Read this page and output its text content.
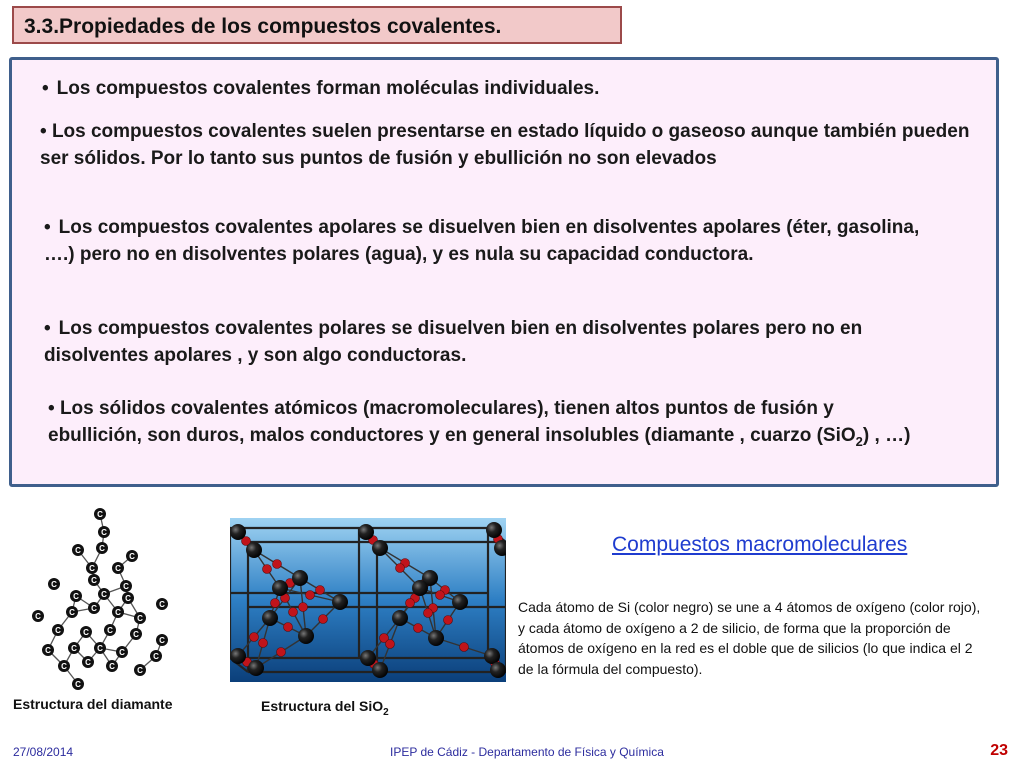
3.3.Propiedades de los compuestos covalentes.
• Los compuestos covalentes forman moléculas individuales.
• Los compuestos covalentes suelen presentarse en estado líquido o gaseoso aunque también pueden ser sólidos. Por lo tanto sus puntos de fusión y ebullición no son elevados
• Los compuestos covalentes apolares se disuelven bien en disolventes apolares (éter, gasolina, ….) pero no en disolventes polares (agua), y es nula su capacidad conductora.
• Los compuestos covalentes polares se disuelven bien en disolventes polares pero no en disolventes apolares , y son algo conductoras.
• Los sólidos covalentes atómicos (macromoleculares), tienen altos puntos de fusión y ebullición, son duros, malos conductores y en general insolubles (diamante , cuarzo (SiO$_2$) , …)
C
C
C C
C
C	C
C	C
C
C	C C
C
C	C C C
C
C	C C	C
C
C	C	C C	C
C C C	C
C
Estructura del diamante	Estructura del SiO$_2$
Compuestos macromoleculares
Cada átomo de Si (color negro) se une a 4 átomos de oxígeno (color rojo), y cada átomo de oxígeno a 2 de silicio, de forma que la proporción de átomos de oxígeno en la red es el doble que de silicios (lo que indica el 2 de la fórmula del compuesto).
27/08/2014	IPEP de Cádiz - Departamento de Física y Química	23
